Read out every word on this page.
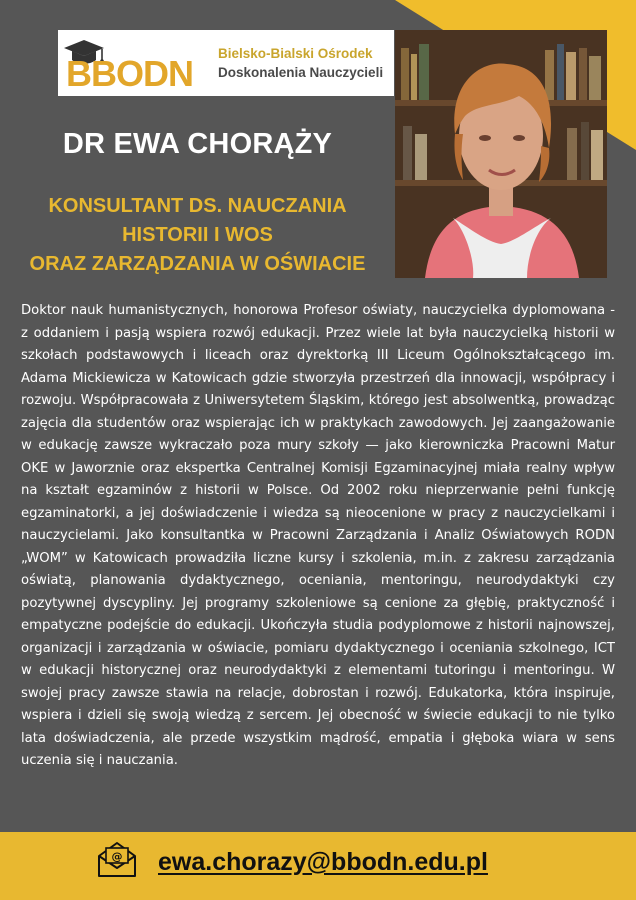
BBODN Bielsko-Bialski Ośrodek
Doskonalenia Nauczycieli
DR EWA CHORĄŻY
KONSULTANT DS. NAUCZANIA
HISTORII I WOS
ORAZ ZARZĄDZANIA W OŚWIACIE

Doktor nauk humanistycznych, honorowa Profesor oświaty, nauczycielka dyplomowana - z oddaniem i pasją wspiera rozwój edukacji. Przez wiele lat była nauczycielką historii w szkołach podstawowych i liceach oraz dyrektorką III Liceum Ogólnokształcącego im. Adama Mickiewicza w Katowicach gdzie stworzyła przestrzeń dla innowacji, współpracy i rozwoju. Współpracowała z Uniwersytetem Śląskim, którego jest absolwentką, prowadząc zajęcia dla studentów oraz wspierając ich w praktykach zawodowych. Jej zaangażowanie w edukację zawsze wykraczało poza mury szkoły — jako kierowniczka Pracowni Matur OKE w Jaworznie oraz ekspertka Centralnej Komisji Egzaminacyjnej miała realny wpływ na kształt egzaminów z historii w Polsce. Od 2002 roku nieprzerwanie pełni funkcję egzaminatorki, a jej doświadczenie i wiedza są nieocenione w pracy z nauczycielkami i nauczycielami. Jako konsultantka w Pracowni Zarządzania i Analiz Oświatowych RODN „WOM” w Katowicach prowadziła liczne kursy i szkolenia, m.in. z zakresu zarządzania oświatą, planowania dydaktycznego, oceniania, mentoringu, neurodydaktyki czy pozytywnej dyscypliny. Jej programy szkoleniowe są cenione za głębię, praktyczność i empatyczne podejście do edukacji. Ukończyła studia podyplomowe z historii najnowszej, organizacji i zarządzania w oświacie, pomiaru dydaktycznego i oceniania szkolnego, ICT w edukacji historycznej oraz neurodydaktyki z elementami tutoringu i mentoringu. W swojej pracy zawsze stawia na relacje, dobrostan i rozwój. Edukatorka, która inspiruje, wspiera i dzieli się swoją wiedzą z sercem. Jej obecność w świecie edukacji to nie tylko lata doświadczenia, ale przede wszystkim mądrość, empatia i głęboka wiara w sens uczenia się i nauczania.

@ ewa.chorazy@bbodn.edu.pl
